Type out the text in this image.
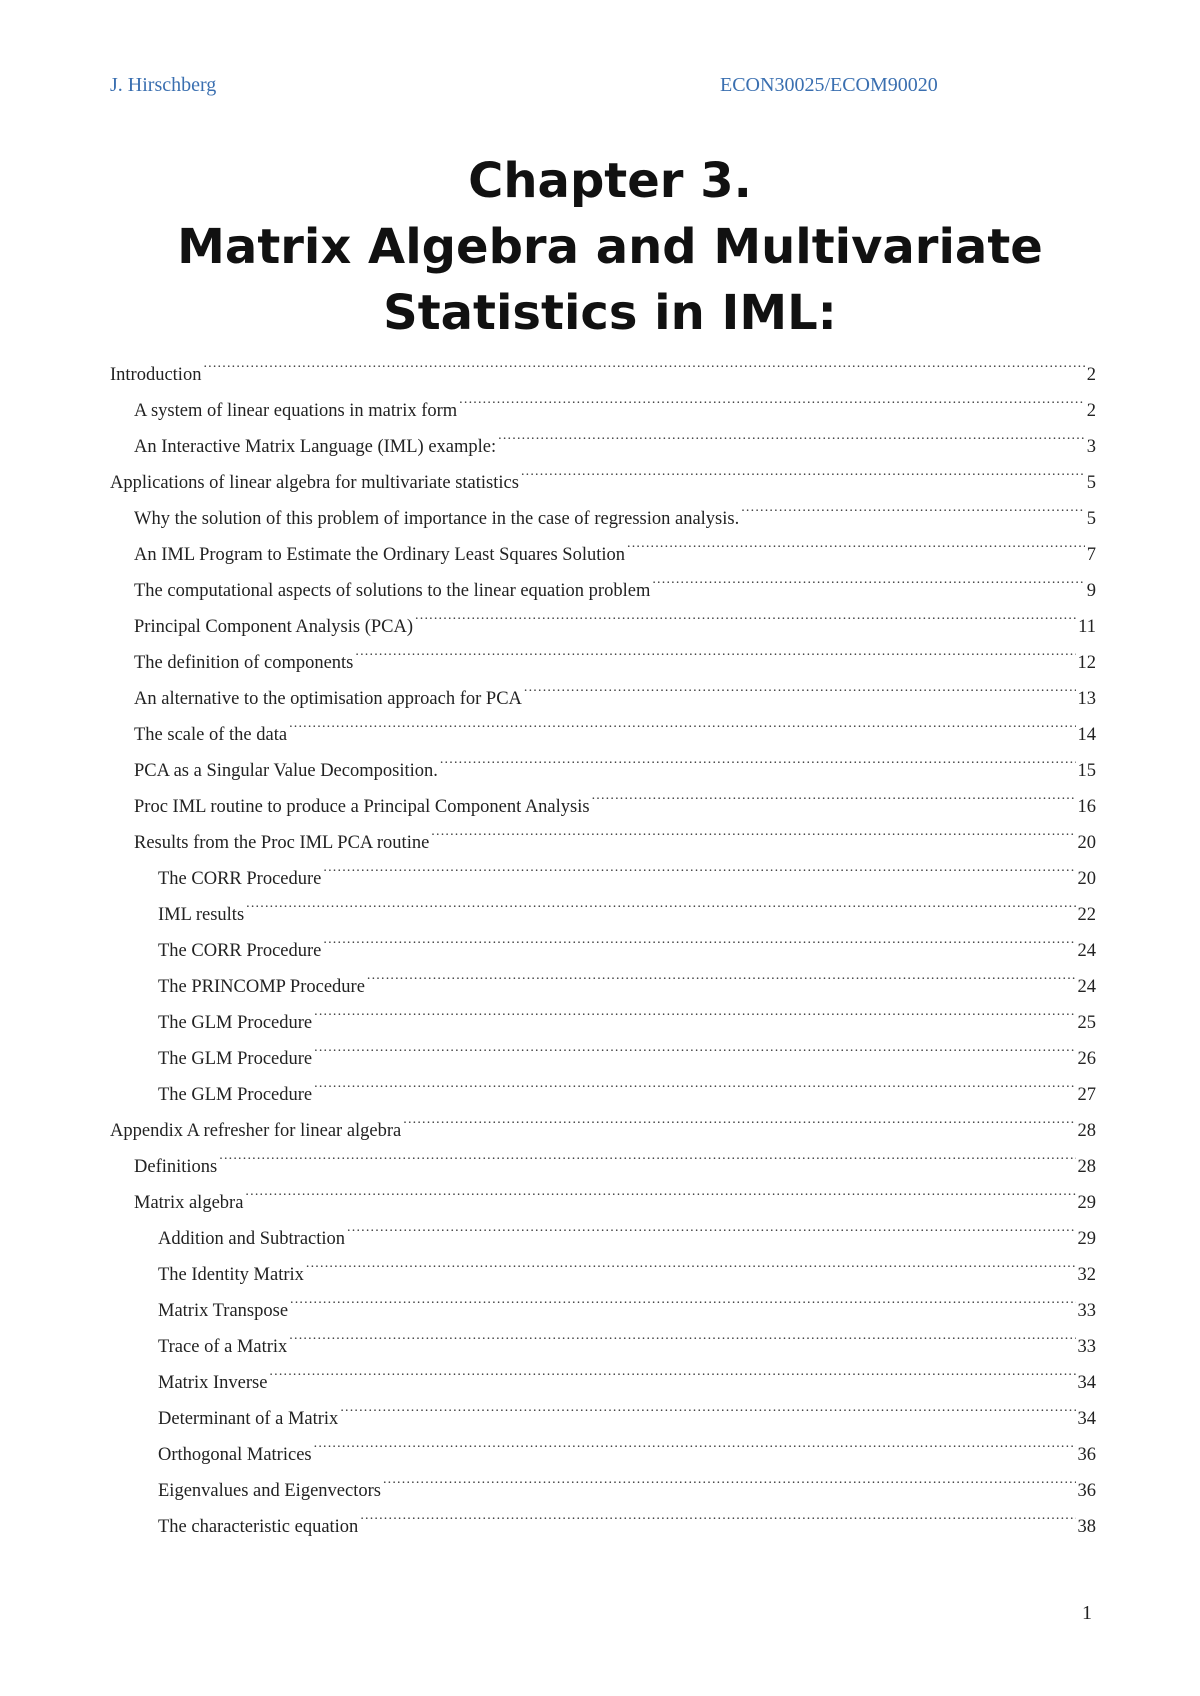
J. Hirschberg	ECON30025/ECOM90020
Chapter 3.
Matrix Algebra and Multivariate
Statistics in IML:
Introduction .....	2
A system of linear equations in matrix form .....	2
An Interactive Matrix Language (IML) example: .....	3
Applications of linear algebra for multivariate statistics .....	5
Why the solution of this problem of importance in the case of regression analysis. .....	5
An IML Program to Estimate the Ordinary Least Squares Solution .....	7
The computational aspects of solutions to the linear equation problem .....	9
Principal Component Analysis (PCA) .....	11
The definition of components .....	12
An alternative to the optimisation approach for PCA .....	13
The scale of the data .....	14
PCA as a Singular Value Decomposition. .....	15
Proc IML routine to produce a Principal Component Analysis .....	16
Results from the Proc IML PCA routine .....	20
The CORR Procedure .....	20
IML results .....	22
The CORR Procedure .....	24
The PRINCOMP Procedure .....	24
The GLM Procedure .....	25
The GLM Procedure .....	26
The GLM Procedure .....	27
Appendix A refresher for linear algebra .....	28
Definitions .....	28
Matrix algebra .....	29
Addition and Subtraction .....	29
The Identity Matrix .....	32
Matrix Transpose .....	33
Trace of a Matrix .....	33
Matrix Inverse .....	34
Determinant of a Matrix .....	34
Orthogonal Matrices .....	36
Eigenvalues and Eigenvectors .....	36
The characteristic equation .....	38
1
